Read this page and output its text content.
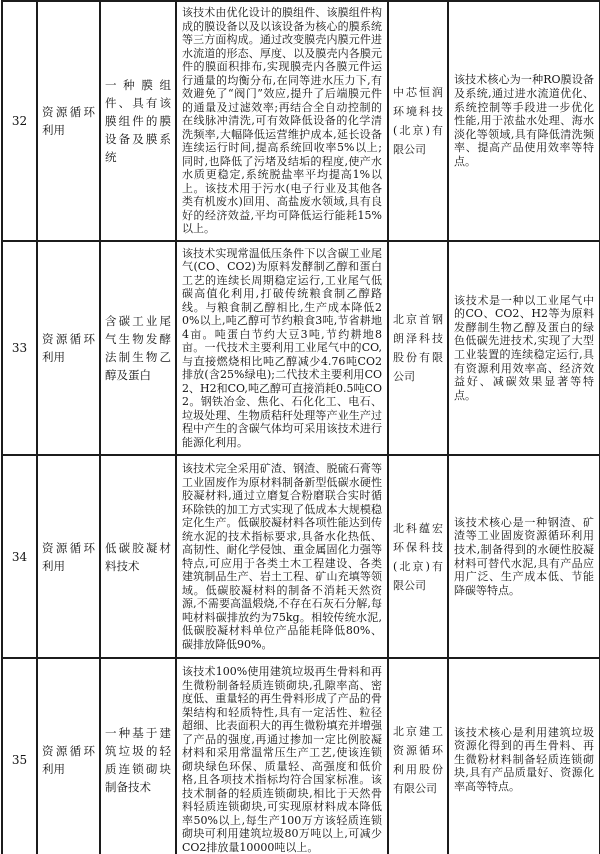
32	资源循环利用	一种膜组件、具有该膜组件的膜设备及膜系统	该技术由优化设计的膜组件、该膜组件构成的膜设备以及以该设备为核心的膜系统等三方面构成。通过改变膜壳内膜元件进水流道的形态、厚度、以及膜壳内各膜元件的膜面积排布,实现膜壳内各膜元件运行通量的均衡分布,在同等进水压力下,有效避免了“阀门”效应,提升了后端膜元件的通量及过滤效率;再结合全自动控制的在线脉冲清洗,可有效降低设备的化学清洗频率,大幅降低运营维护成本,延长设备连续运行时间,提高系统回收率5%以上;同时,也降低了污堵及结垢的程度,使产水水质更稳定,系统脱盐率平均提高1%以上。该技术用于污水(电子行业及其他各类有机废水)回用、高盐废水领域,具有良好的经济效益,平均可降低运行能耗15%以上。	中芯恒润环境科技(北京)有限公司	该技术核心为一种RO膜设备及系统,通过进水流道优化、系统控制等手段进一步优化性能,用于浓盐水处理、海水淡化等领域,具有降低清洗频率、提高产品使用效率等特点。
33	资源循环利用	含碳工业尾气生物发酵法制生物乙醇及蛋白	该技术实现常温低压条件下以含碳工业尾气(CO、CO2)为原料发酵制乙醇和蛋白工艺的连续长周期稳定运行,工业尾气低碳高值化利用,打破传统粮食制乙醇路线。与粮食制乙醇相比,生产成本降低20%以上,吨乙醇可节约粮食3吨,节省耕地4亩。吨蛋白节约大豆3吨,节约耕地8亩。一代技术主要利用工业尾气中的CO,与直接燃烧相比吨乙醇减少4.76吨CO2排放(含25%绿电);二代技术主要利用CO2、H2和CO,吨乙醇可直接消耗0.5吨CO2。钢铁冶金、焦化、石化化工、电石、垃圾处理、生物质秸秆处理等产业生产过程中产生的含碳气体均可采用该技术进行能源化利用。	北京首钢朗泽科技股份有限公司	该技术是一种以工业尾气中的CO、CO2、H2等为原料发酵制生物乙醇及蛋白的绿色低碳先进技术,实现了大型工业装置的连续稳定运行,具有资源利用效率高、经济效益好、减碳效果显著等特点。
34	资源循环利用	低碳胶凝材料技术	该技术完全采用矿渣、钢渣、脱硫石膏等工业固废作为原材料制备新型低碳水硬性胶凝材料,通过立磨复合粉磨联合实时循环除铁的加工方式实现了低成本大规模稳定化生产。低碳胶凝材料各项性能达到传统水泥的技术指标要求,具备水化热低、高韧性、耐化学侵蚀、重金属固化力强等特点,可应用于各类土木工程建设、各类建筑制品生产、岩土工程、矿山充填等领域。低碳胶凝材料的制备不消耗天然资源,不需要高温煅烧,不存在石灰石分解,每吨材料碳排放约为75kg。相较传统水泥,低碳胶凝材料单位产品能耗降低80%、碳排放降低90%。	北科蕴宏环保科技(北京)有限公司	该技术核心是一种钢渣、矿渣等工业固废资源循环利用技术,制备得到的水硬性胶凝材料可替代水泥,具有产品应用广泛、生产成本低、节能降碳等特点。
35	资源循环利用	一种基于建筑垃圾的轻质连锁砌块制备技术	该技术100%使用建筑垃圾再生骨料和再生微粉制备轻质连锁砌块,孔隙率高、密度低、重量轻的再生骨料形成了产品的骨架结构和轻质特性,具有一定活性、粒径超细、比表面积大的再生微粉填充并增强了产品的强度,再通过掺加一定比例胶凝材料和采用常温常压生产工艺,使该连锁砌块绿色环保、质量轻、高强度和低价格,且各项技术指标均符合国家标准。该技术制备的轻质连锁砌块,相比于天然骨料轻质连锁砌块,可实现原材料成本降低率50%以上,每生产100万方该轻质连锁砌块可利用建筑垃圾80万吨以上,可减少CO2排放量10000吨以上。	北京建工资源循环利用股份有限公司	该技术核心是利用建筑垃圾资源化得到的再生骨料、再生微粉材料制备轻质连锁砌块,具有产品质量好、资源化率高等特点。
